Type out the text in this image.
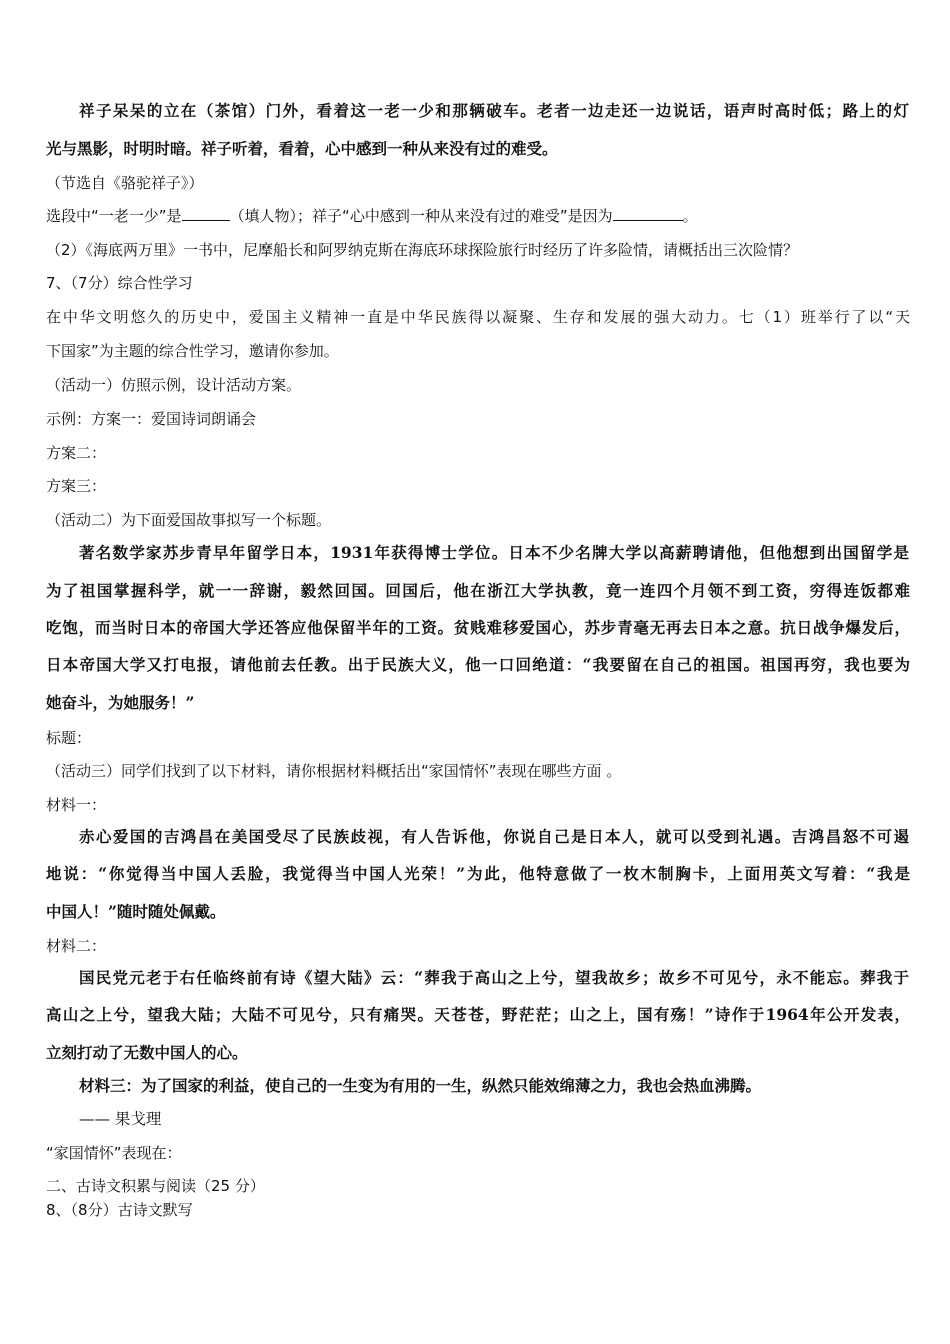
祥子呆呆的立在（茶馆）门外，看着这一老一少和那辆破车。老者一边走还一边说话，语声时高时低；路上的灯

光与黑影，时明时暗。祥子听着，看着，心中感到一种从来没有过的难受。

（节选自《骆驼祥子》）

选段中“一老一少”是	（填人物）；祥子“心中感到一种从来没有过的难受”是因为	。

（2）《海底两万里》一书中，尼摩船长和阿罗纳克斯在海底环球探险旅行时经历了许多险情，请概括出三次险情？

7、（7分）综合性学习

在中华文明悠久的历史中，爱国主义精神一直是中华民族得以凝聚、生存和发展的强大动力。七（1）班举行了以“天

下国家”为主题的综合性学习，邀请你参加。

（活动一）仿照示例，设计活动方案。

示例：方案一：爱国诗词朗诵会

方案二：

方案三：

（活动二）为下面爱国故事拟写一个标题。

著名数学家苏步青早年留学日本，1931年获得博士学位。日本不少名牌大学以高薪聘请他，但他想到出国留学是

为了祖国掌握科学，就一一辞谢，毅然回国。回国后，他在浙江大学执教，竟一连四个月领不到工资，穷得连饭都难

吃饱，而当时日本的帝国大学还答应他保留半年的工资。贫贱难移爱国心，苏步青毫无再去日本之意。抗日战争爆发后，

日本帝国大学又打电报，请他前去任教。出于民族大义，他一口回绝道：“我要留在自己的祖国。祖国再穷，我也要为

她奋斗，为她服务！”

标题：

（活动三）同学们找到了以下材料，请你根据材料概括出“家国情怀”表现在哪些方面 。

材料一：

赤心爱国的吉鸿昌在美国受尽了民族歧视，有人告诉他，你说自己是日本人，就可以受到礼遇。吉鸿昌怒不可遏

地说：“你觉得当中国人丢脸，我觉得当中国人光荣！”为此，他特意做了一枚木制胸卡，上面用英文写着：“我是

中国人！”随时随处佩戴。

材料二：

国民党元老于右任临终前有诗《望大陆》云：“葬我于高山之上兮，望我故乡；故乡不可见兮，永不能忘。葬我于

高山之上兮，望我大陆；大陆不可见兮，只有痛哭。天苍苍，野茫茫；山之上，国有殇！”诗作于1964年公开发表，

立刻打动了无数中国人的心。

材料三：为了国家的利益，使自己的一生变为有用的一生，纵然只能效绵薄之力，我也会热血沸腾。

—— 果戈理

“家国情怀”表现在：

二、古诗文积累与阅读（25 分）

8、（8分）古诗文默写
